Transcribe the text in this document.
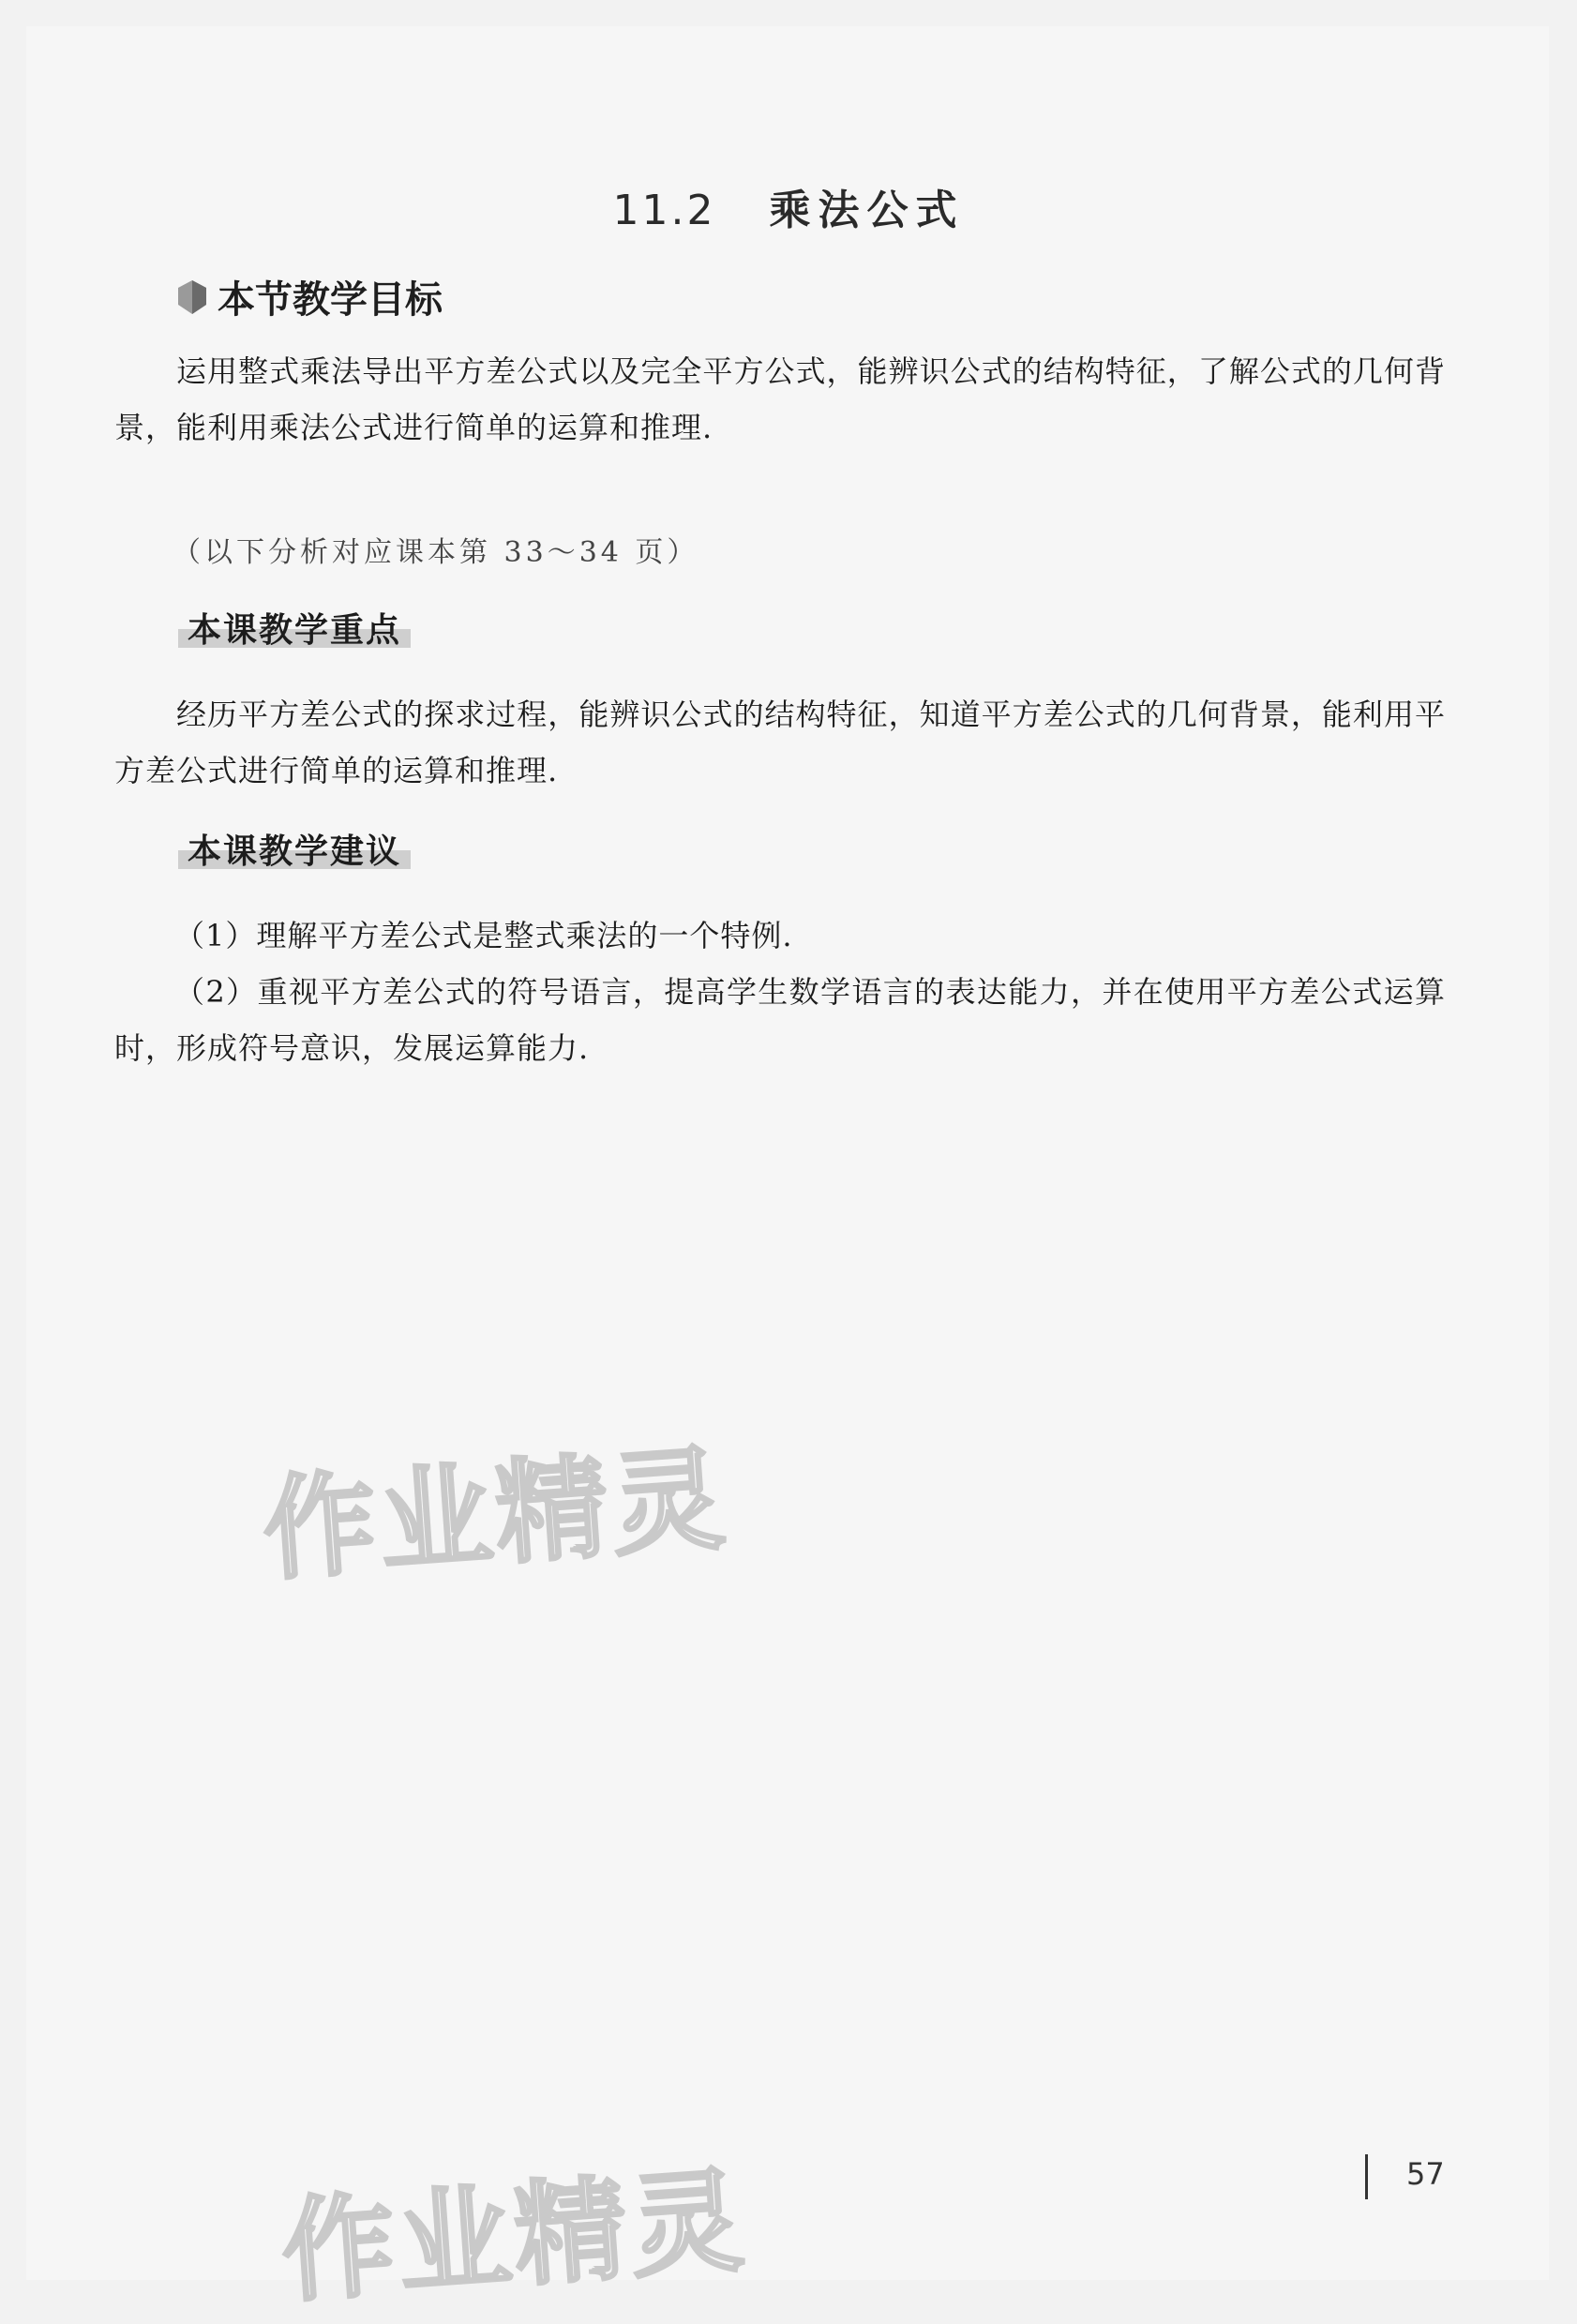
11.2 乘法公式
本节教学目标
运用整式乘法导出平方差公式以及完全平方公式，能辨识公式的结构特征，了解公式的几何背景，能利用乘法公式进行简单的运算和推理.
（以下分析对应课本第 33～34 页）
本课教学重点
经历平方差公式的探求过程，能辨识公式的结构特征，知道平方差公式的几何背景，能利用平方差公式进行简单的运算和推理.
本课教学建议
（1）理解平方差公式是整式乘法的一个特例.
（2）重视平方差公式的符号语言，提高学生数学语言的表达能力，并在使用平方差公式运算时，形成符号意识，发展运算能力.
作业精灵
作业精灵	57
